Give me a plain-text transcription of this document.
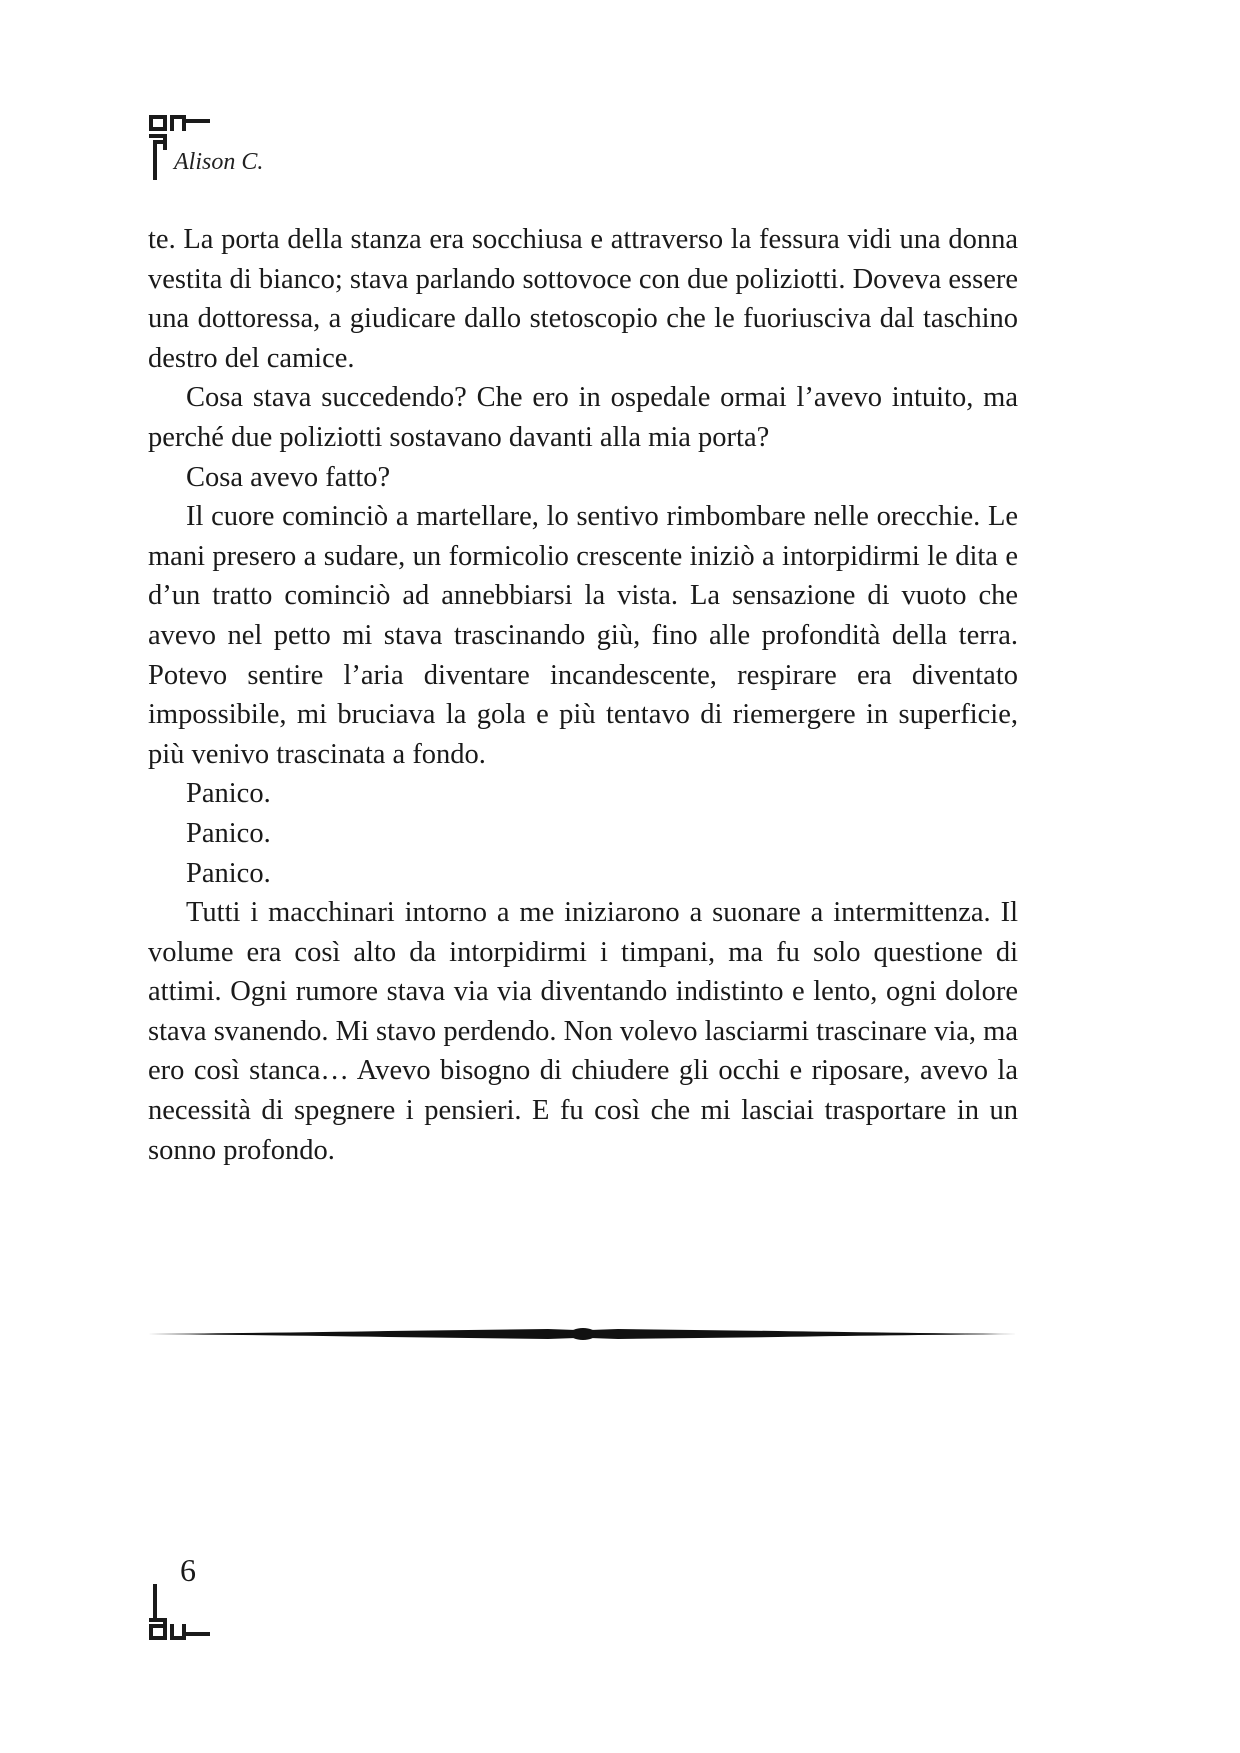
Alison C.

te. La porta della stanza era socchiusa e attraverso la fessura vidi una donna vestita di bianco; stava parlando sottovoce con due poliziotti. Doveva essere una dottoressa, a giudicare dallo stetoscopio che le fuoriusciva dal taschino destro del camice.

Cosa stava succedendo? Che ero in ospedale ormai l’avevo intuito, ma perché due poliziotti sostavano davanti alla mia porta?

Cosa avevo fatto?

Il cuore cominciò a martellare, lo sentivo rimbombare nelle orecchie. Le mani presero a sudare, un formicolio crescente iniziò a intorpidirmi le dita e d’un tratto cominciò ad annebbiarsi la vista. La sensazione di vuoto che avevo nel petto mi stava trascinando giù, fino alle profondità della terra. Potevo sentire l’aria diventare incandescente, respirare era diventato impossibile, mi bruciava la gola e più tentavo di riemergere in superficie, più venivo trascinata a fondo.

Panico.

Panico.

Panico.

Tutti i macchinari intorno a me iniziarono a suonare a intermittenza. Il volume era così alto da intorpidirmi i timpani, ma fu solo questione di attimi. Ogni rumore stava via via diventando indistinto e lento, ogni dolore stava svanendo. Mi stavo perdendo. Non volevo lasciarmi trascinare via, ma ero così stanca… Avevo bisogno di chiudere gli occhi e riposare, avevo la necessità di spegnere i pensieri. E fu così che mi lasciai trasportare in un sonno profondo.

6
